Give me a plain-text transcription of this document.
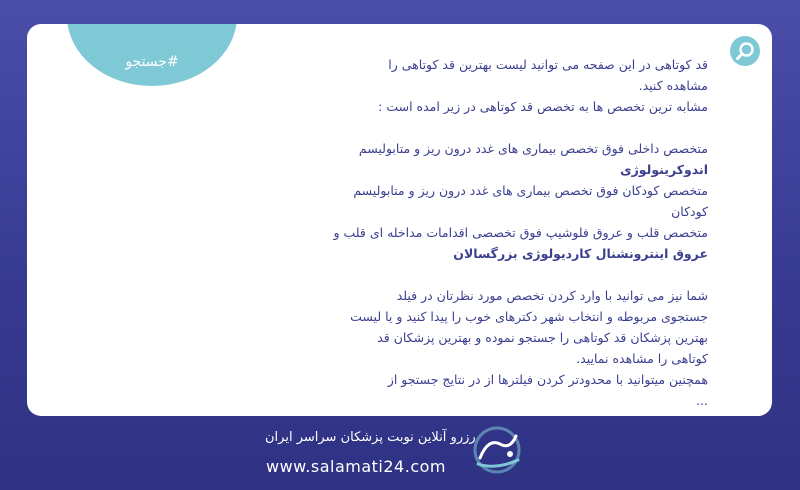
#جستجو	قد کوتاهی در این صفحه می توانید لیست بهترین قد کوتاهی را

مشاهده کنید.

مشابه ترین تخصص ها به تخصص قد کوتاهی در زیر امده است :

متخصص داخلی فوق تخصص بیماری های غدد درون ریز و متابولیسم

اندوکرینولوژی

متخصص کودکان فوق تخصص بیماری های غدد درون ریز و متابولیسم

کودکان

متخصص قلب و عروق فلوشیپ فوق تخصصی اقدامات مداخله ای قلب و

عروق اینترونشنال کاردیولوژی بزرگسالان

شما نیز می توانید با وارد کردن تخصص مورد نظرتان در فیلد

جستجوی مربوطه و انتخاب شهر دکترهای خوب را پیدا کنید و یا لیست

بهترین پزشکان قد کوتاهی را جستجو نموده و بهترین پزشکان قد

کوتاهی را مشاهده نمایید.

همچنین میتوانید با محدودتر کردن فیلترها از در نتایج جستجو از

...

رزرو آنلاین نوبت پزشکان سراسر ایران
www.salamati24.com
